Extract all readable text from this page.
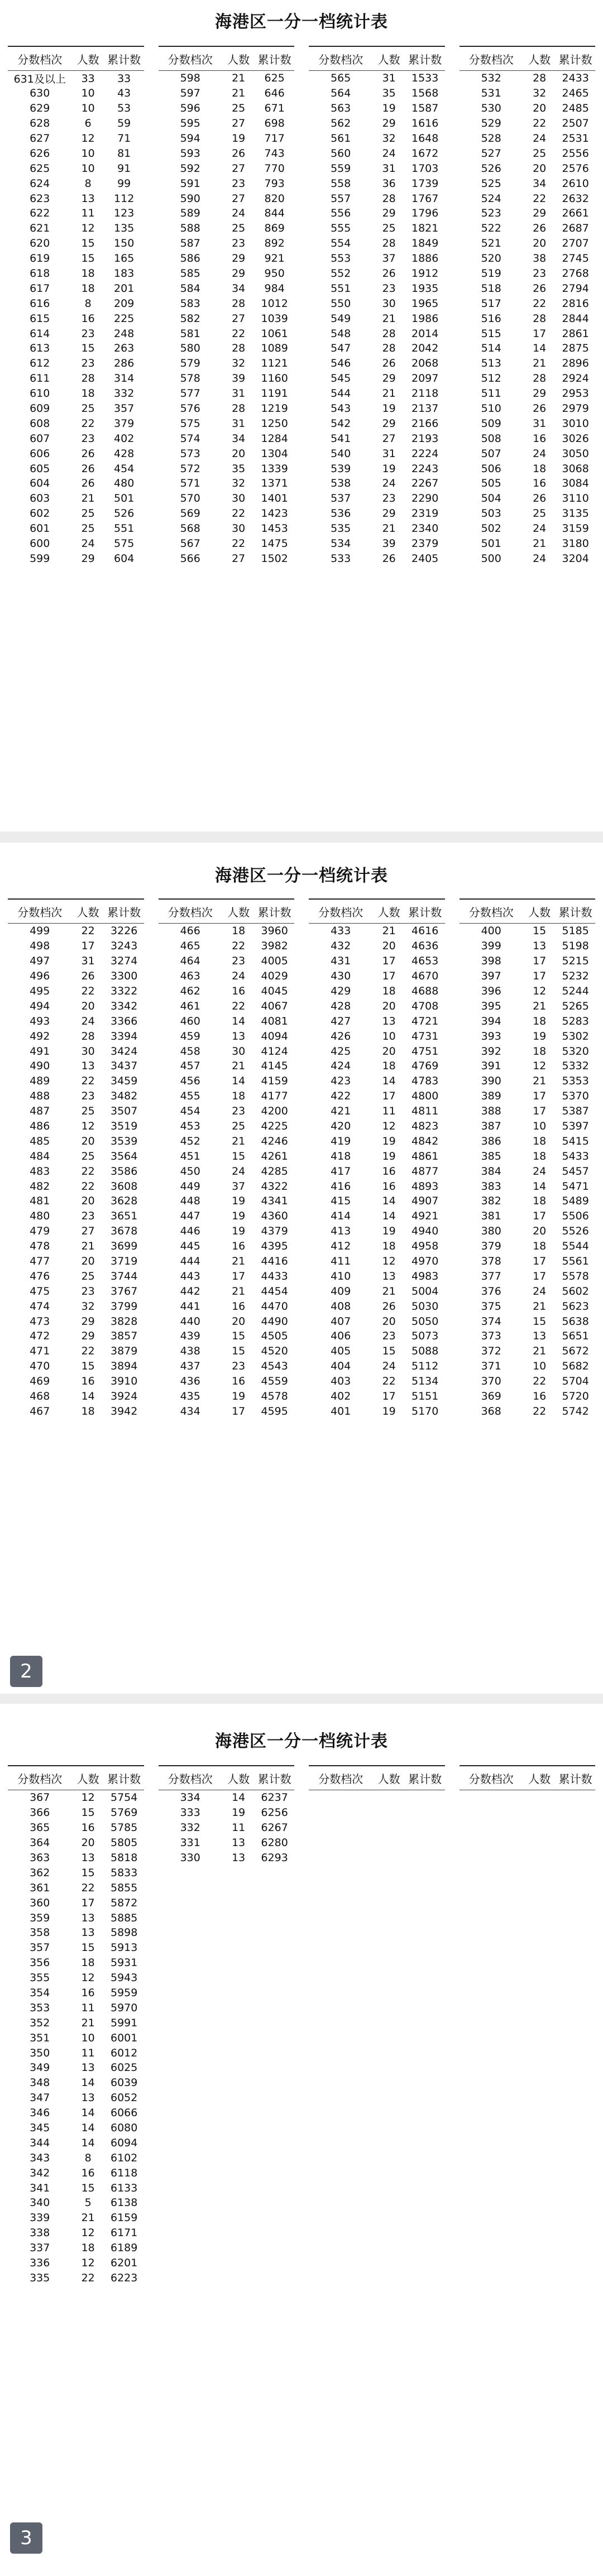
海港区一分一档统计表
分数档次	人数 累计数
631及以上	33	33
630	10	43
629	10	53
628	6	59
627	12	71
626	10	81
625	10	91
624	8	99
623	13	112
622	11	123
621	12	135
620	15	150
619	15	165
618	18	183
617	18	201
616	8	209
615	16	225
614	23	248
613	15	263
612	23	286
611	28	314
610	18	332
609	25	357
608	22	379
607	23	402
606	26	428
605	26	454
604	26	480
603	21	501
602	25	526
601	25	551
600	24	575
599	29	604
分数档次	人数 累计数
598	21	625
597	21	646
596	25	671
595	27	698
594	19	717
593	26	743
592	27	770
591	23	793
590	27	820
589	24	844
588	25	869
587	23	892
586	29	921
585	29	950
584	34	984
583	28	1012
582	27	1039
581	22	1061
580	28	1089
579	32	1121
578	39	1160
577	31	1191
576	28	1219
575	31	1250
574	34	1284
573	20	1304
572	35	1339
571	32	1371
570	30	1401
569	22	1423
568	30	1453
567	22	1475
566	27	1502
分数档次	人数 累计数
565	31	1533
564	35	1568
563	19	1587
562	29	1616
561	32	1648
560	24	1672
559	31	1703
558	36	1739
557	28	1767
556	29	1796
555	25	1821
554	28	1849
553	37	1886
552	26	1912
551	23	1935
550	30	1965
549	21	1986
548	28	2014
547	28	2042
546	26	2068
545	29	2097
544	21	2118
543	19	2137
542	29	2166
541	27	2193
540	31	2224
539	19	2243
538	24	2267
537	23	2290
536	29	2319
535	21	2340
534	39	2379
533	26	2405
分数档次	人数 累计数
532	28	2433
531	32	2465
530	20	2485
529	22	2507
528	24	2531
527	25	2556
526	20	2576
525	34	2610
524	22	2632
523	29	2661
522	26	2687
521	20	2707
520	38	2745
519	23	2768
518	26	2794
517	22	2816
516	28	2844
515	17	2861
514	14	2875
513	21	2896
512	28	2924
511	29	2953
510	26	2979
509	31	3010
508	16	3026
507	24	3050
506	18	3068
505	16	3084
504	26	3110
503	25	3135
502	24	3159
501	21	3180
500	24	3204
海港区一分一档统计表
分数档次	人数 累计数
499	22	3226
498	17	3243
497	31	3274
496	26	3300
495	22	3322
494	20	3342
493	24	3366
492	28	3394
491	30	3424
490	13	3437
489	22	3459
488	23	3482
487	25	3507
486	12	3519
485	20	3539
484	25	3564
483	22	3586
482	22	3608
481	20	3628
480	23	3651
479	27	3678
478	21	3699
477	20	3719
476	25	3744
475	23	3767
474	32	3799
473	29	3828
472	29	3857
471	22	3879
470	15	3894
469	16	3910
468	14	3924
467	18	3942
分数档次	人数 累计数
466	18	3960
465	22	3982
464	23	4005
463	24	4029
462	16	4045
461	22	4067
460	14	4081
459	13	4094
458	30	4124
457	21	4145
456	14	4159
455	18	4177
454	23	4200
453	25	4225
452	21	4246
451	15	4261
450	24	4285
449	37	4322
448	19	4341
447	19	4360
446	19	4379
445	16	4395
444	21	4416
443	17	4433
442	21	4454
441	16	4470
440	20	4490
439	15	4505
438	15	4520
437	23	4543
436	16	4559
435	19	4578
434	17	4595
分数档次	人数 累计数
433	21	4616
432	20	4636
431	17	4653
430	17	4670
429	18	4688
428	20	4708
427	13	4721
426	10	4731
425	20	4751
424	18	4769
423	14	4783
422	17	4800
421	11	4811
420	12	4823
419	19	4842
418	19	4861
417	16	4877
416	16	4893
415	14	4907
414	14	4921
413	19	4940
412	18	4958
411	12	4970
410	13	4983
409	21	5004
408	26	5030
407	20	5050
406	23	5073
405	15	5088
404	24	5112
403	22	5134
402	17	5151
401	19	5170
分数档次	人数 累计数
400	15	5185
399	13	5198
398	17	5215
397	17	5232
396	12	5244
395	21	5265
394	18	5283
393	19	5302
392	18	5320
391	12	5332
390	21	5353
389	17	5370
388	17	5387
387	10	5397
386	18	5415
385	18	5433
384	24	5457
383	14	5471
382	18	5489
381	17	5506
380	20	5526
379	18	5544
378	17	5561
377	17	5578
376	24	5602
375	21	5623
374	15	5638
373	13	5651
372	21	5672
371	10	5682
370	22	5704
369	16	5720
368	22	5742
2
海港区一分一档统计表
分数档次	人数 累计数
367	12	5754
366	15	5769
365	16	5785
364	20	5805
363	13	5818
362	15	5833
361	22	5855
360	17	5872
359	13	5885
358	13	5898
357	15	5913
356	18	5931
355	12	5943
354	16	5959
353	11	5970
352	21	5991
351	10	6001
350	11	6012
349	13	6025
348	14	6039
347	13	6052
346	14	6066
345	14	6080
344	14	6094
343	8	6102
342	16	6118
341	15	6133
340	5	6138
339	21	6159
338	12	6171
337	18	6189
336	12	6201
335	22	6223
分数档次	人数 累计数
334	14	6237
333	19	6256
332	11	6267
331	13	6280
330	13	6293
分数档次	人数 累计数	分数档次	人数 累计数
3
